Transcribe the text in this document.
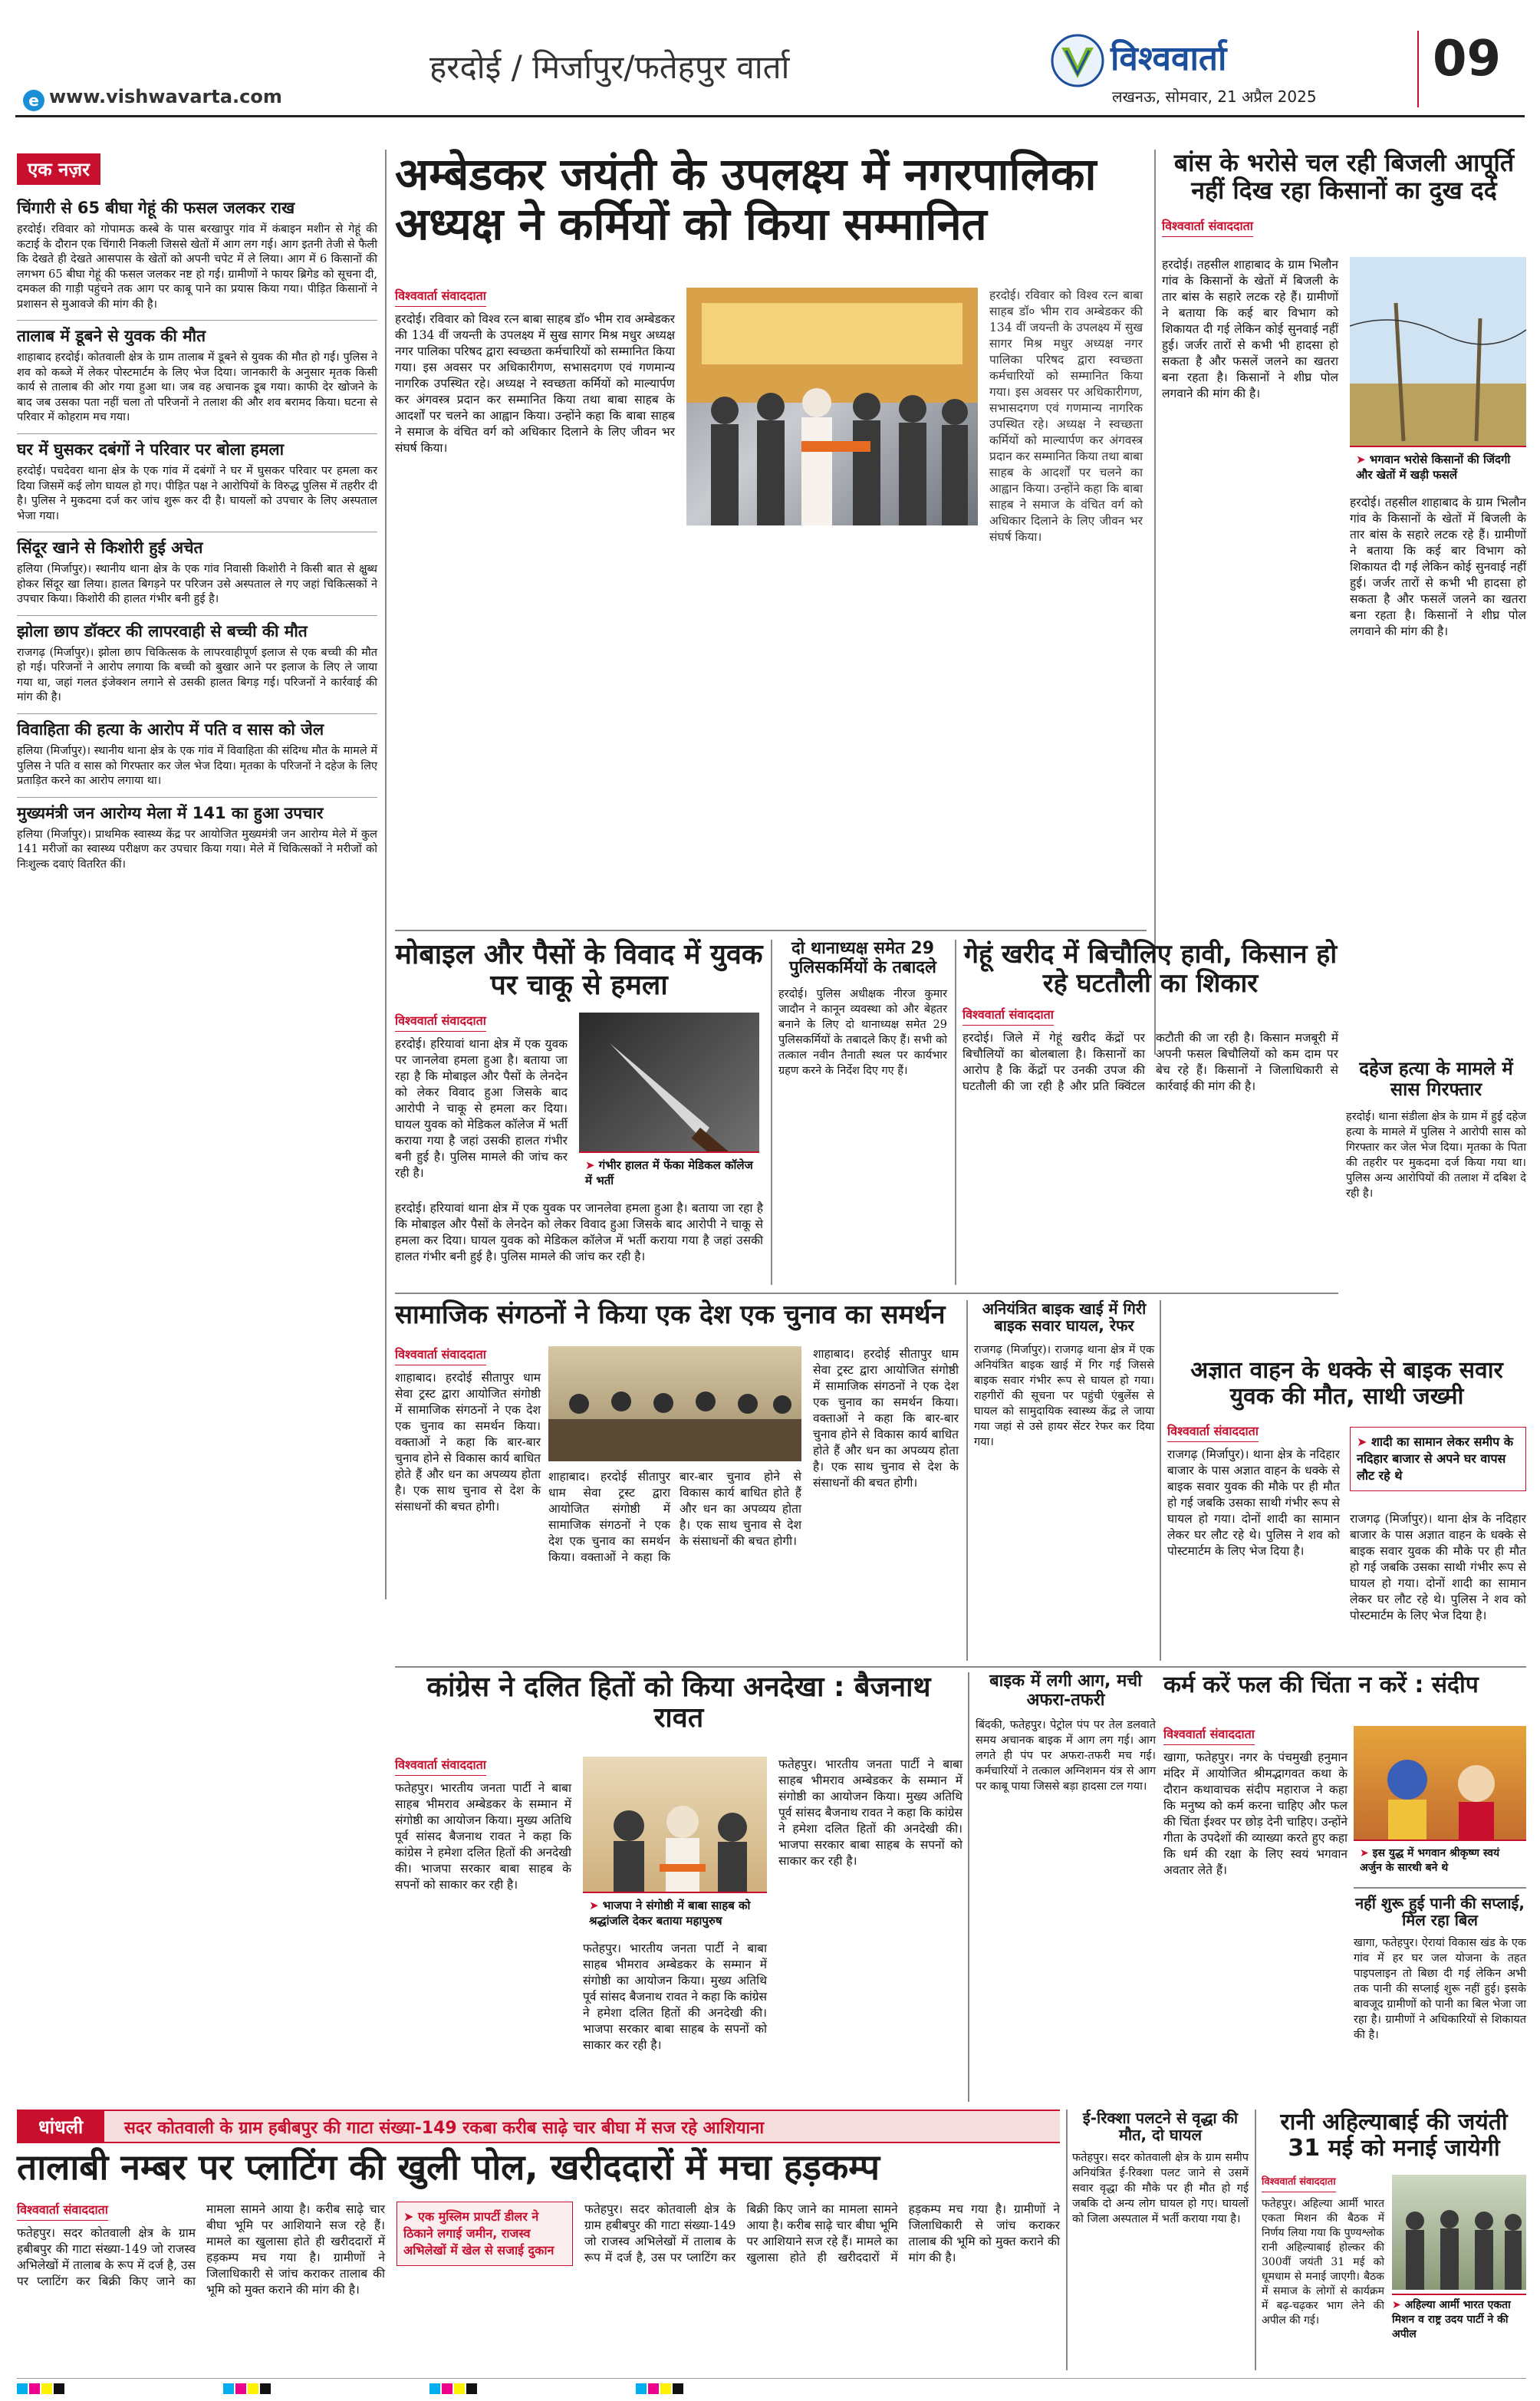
हरदोई / मिर्जापुर/फतेहपुर वार्ता
e www.vishwavarta.com
विश्ववार्ता
लखनऊ, सोमवार, 21 अप्रैल 2025
09
एक नज़र
चिंगारी से 65 बीघा गेहूं की फसल जलकर राख

हरदोई। रविवार को गोपामऊ कस्बे के पास बरखापुर गांव में कंबाइन मशीन से गेहूं की कटाई के दौरान एक चिंगारी निकली जिससे खेतों में आग लग गई। आग इतनी तेजी से फैली कि देखते ही देखते आसपास के खेतों को अपनी चपेट में ले लिया। आग में 6 किसानों की लगभग 65 बीघा गेहूं की फसल जलकर नष्ट हो गई। ग्रामीणों ने फायर ब्रिगेड को सूचना दी, दमकल की गाड़ी पहुंचने तक आग पर काबू पाने का प्रयास किया गया। पीड़ित किसानों ने प्रशासन से मुआवजे की मांग की है।

तालाब में डूबने से युवक की मौत

शाहाबाद हरदोई। कोतवाली क्षेत्र के ग्राम तालाब में डूबने से युवक की मौत हो गई। पुलिस ने शव को कब्जे में लेकर पोस्टमार्टम के लिए भेज दिया। जानकारी के अनुसार मृतक किसी कार्य से तालाब की ओर गया हुआ था। जब वह अचानक डूब गया। काफी देर खोजने के बाद जब उसका पता नहीं चला तो परिजनों ने तलाश की और शव बरामद किया। घटना से परिवार में कोहराम मच गया।

घर में घुसकर दबंगों ने परिवार पर बोला हमला

हरदोई। पचदेवरा थाना क्षेत्र के एक गांव में दबंगों ने घर में घुसकर परिवार पर हमला कर दिया जिसमें कई लोग घायल हो गए। पीड़ित पक्ष ने आरोपियों के विरुद्ध पुलिस में तहरीर दी है। पुलिस ने मुकदमा दर्ज कर जांच शुरू कर दी है। घायलों को उपचार के लिए अस्पताल भेजा गया।

सिंदूर खाने से किशोरी हुई अचेत

हलिया (मिर्जापुर)। स्थानीय थाना क्षेत्र के एक गांव निवासी किशोरी ने किसी बात से क्षुब्ध होकर सिंदूर खा लिया। हालत बिगड़ने पर परिजन उसे अस्पताल ले गए जहां चिकित्सकों ने उपचार किया। किशोरी की हालत गंभीर बनी हुई है।

झोला छाप डॉक्टर की लापरवाही से बच्ची की मौत

राजगढ़ (मिर्जापुर)। झोला छाप चिकित्सक के लापरवाहीपूर्ण इलाज से एक बच्ची की मौत हो गई। परिजनों ने आरोप लगाया कि बच्ची को बुखार आने पर इलाज के लिए ले जाया गया था, जहां गलत इंजेक्शन लगाने से उसकी हालत बिगड़ गई। परिजनों ने कार्रवाई की मांग की है।

विवाहिता की हत्या के आरोप में पति व सास को जेल

हलिया (मिर्जापुर)। स्थानीय थाना क्षेत्र के एक गांव में विवाहिता की संदिग्ध मौत के मामले में पुलिस ने पति व सास को गिरफ्तार कर जेल भेज दिया। मृतका के परिजनों ने दहेज के लिए प्रताड़ित करने का आरोप लगाया था।

मुख्यमंत्री जन आरोग्य मेला में 141 का हुआ उपचार

हलिया (मिर्जापुर)। प्राथमिक स्वास्थ्य केंद्र पर आयोजित मुख्यमंत्री जन आरोग्य मेले में कुल 141 मरीजों का स्वास्थ्य परीक्षण कर उपचार किया गया। मेले में चिकित्सकों ने मरीजों को निःशुल्क दवाएं वितरित कीं।

अम्बेडकर जयंती के उपलक्ष्य में नगरपालिका अध्यक्ष ने कर्मियों को किया सम्मानित
विश्ववार्ता संवाददाता
हरदोई। रविवार को विश्व रत्न बाबा साहब डॉ० भीम राव अम्बेडकर की 134 वीं जयन्ती के उपलक्ष्य में सुख सागर मिश्र मधुर अध्यक्ष नगर पालिका परिषद द्वारा स्वच्छता कर्मचारियों को सम्मानित किया गया। इस अवसर पर अधिकारीगण, सभासदगण एवं गणमान्य नागरिक उपस्थित रहे। अध्यक्ष ने स्वच्छता कर्मियों को माल्यार्पण कर अंगवस्त्र प्रदान कर सम्मानित किया तथा बाबा साहब के आदर्शों पर चलने का आह्वान किया। उन्होंने कहा कि बाबा साहब ने समाज के वंचित वर्ग को अधिकार दिलाने के लिए जीवन भर संघर्ष किया।
हरदोई। रविवार को विश्व रत्न बाबा साहब डॉ० भीम राव अम्बेडकर की 134 वीं जयन्ती के उपलक्ष्य में सुख सागर मिश्र मधुर अध्यक्ष नगर पालिका परिषद द्वारा स्वच्छता कर्मचारियों को सम्मानित किया गया। इस अवसर पर अधिकारीगण, सभासदगण एवं गणमान्य नागरिक उपस्थित रहे। अध्यक्ष ने स्वच्छता कर्मियों को माल्यार्पण कर अंगवस्त्र प्रदान कर सम्मानित किया तथा बाबा साहब के आदर्शों पर चलने का आह्वान किया। उन्होंने कहा कि बाबा साहब ने समाज के वंचित वर्ग को अधिकार दिलाने के लिए जीवन भर संघर्ष किया।
बांस के भरोसे चल रही बिजली आपूर्ति नहीं दिख रहा किसानों का दुख दर्द
विश्ववार्ता संवाददाता
हरदोई। तहसील शाहाबाद के ग्राम भिलौन गांव के किसानों के खेतों में बिजली के तार बांस के सहारे लटक रहे हैं। ग्रामीणों ने बताया कि कई बार विभाग को शिकायत दी गई लेकिन कोई सुनवाई नहीं हुई। जर्जर तारों से कभी भी हादसा हो सकता है और फसलें जलने का खतरा बना रहता है। किसानों ने शीघ्र पोल लगवाने की मांग की है।
➤ भगवान भरोसे किसानों की जिंदगी और खेतों में खड़ी फसलें
हरदोई। तहसील शाहाबाद के ग्राम भिलौन गांव के किसानों के खेतों में बिजली के तार बांस के सहारे लटक रहे हैं। ग्रामीणों ने बताया कि कई बार विभाग को शिकायत दी गई लेकिन कोई सुनवाई नहीं हुई। जर्जर तारों से कभी भी हादसा हो सकता है और फसलें जलने का खतरा बना रहता है। किसानों ने शीघ्र पोल लगवाने की मांग की है।
मोबाइल और पैसों के विवाद में युवक पर चाकू से हमला
विश्ववार्ता संवाददाता
हरदोई। हरियावां थाना क्षेत्र में एक युवक पर जानलेवा हमला हुआ है। बताया जा रहा है कि मोबाइल और पैसों के लेनदेन को लेकर विवाद हुआ जिसके बाद आरोपी ने चाकू से हमला कर दिया। घायल युवक को मेडिकल कॉलेज में भर्ती कराया गया है जहां उसकी हालत गंभीर बनी हुई है। पुलिस मामले की जांच कर रही है।
➤ गंभीर हालत में फेंका मेडिकल कॉलेज में भर्ती
हरदोई। हरियावां थाना क्षेत्र में एक युवक पर जानलेवा हमला हुआ है। बताया जा रहा है कि मोबाइल और पैसों के लेनदेन को लेकर विवाद हुआ जिसके बाद आरोपी ने चाकू से हमला कर दिया। घायल युवक को मेडिकल कॉलेज में भर्ती कराया गया है जहां उसकी हालत गंभीर बनी हुई है। पुलिस मामले की जांच कर रही है।
दो थानाध्यक्ष समेत 29 पुलिसकर्मियों के तबादले
हरदोई। पुलिस अधीक्षक नीरज कुमार जादौन ने कानून व्यवस्था को और बेहतर बनाने के लिए दो थानाध्यक्ष समेत 29 पुलिसकर्मियों के तबादले किए हैं। सभी को तत्काल नवीन तैनाती स्थल पर कार्यभार ग्रहण करने के निर्देश दिए गए हैं।
गेहूं खरीद में बिचौलिए हावी, किसान हो रहे घटतौली का शिकार
विश्ववार्ता संवाददाता
हरदोई। जिले में गेहूं खरीद केंद्रों पर बिचौलियों का बोलबाला है। किसानों का आरोप है कि केंद्रों पर उनकी उपज की घटतौली की जा रही है और प्रति क्विंटल कटौती की जा रही है। किसान मजबूरी में अपनी फसल बिचौलियों को कम दाम पर बेच रहे हैं। किसानों ने जिलाधिकारी से कार्रवाई की मांग की है।
दहेज हत्या के मामले में सास गिरफ्तार
हरदोई। थाना संडीला क्षेत्र के ग्राम में हुई दहेज हत्या के मामले में पुलिस ने आरोपी सास को गिरफ्तार कर जेल भेज दिया। मृतका के पिता की तहरीर पर मुकदमा दर्ज किया गया था। पुलिस अन्य आरोपियों की तलाश में दबिश दे रही है।
सामाजिक संगठनों ने किया एक देश एक चुनाव का समर्थन
विश्ववार्ता संवाददाता
शाहाबाद। हरदोई सीतापुर धाम सेवा ट्रस्ट द्वारा आयोजित संगोष्ठी में सामाजिक संगठनों ने एक देश एक चुनाव का समर्थन किया। वक्ताओं ने कहा कि बार-बार चुनाव होने से विकास कार्य बाधित होते हैं और धन का अपव्यय होता है। एक साथ चुनाव से देश के संसाधनों की बचत होगी।
शाहाबाद। हरदोई सीतापुर धाम सेवा ट्रस्ट द्वारा आयोजित संगोष्ठी में सामाजिक संगठनों ने एक देश एक चुनाव का समर्थन किया। वक्ताओं ने कहा कि बार-बार चुनाव होने से विकास कार्य बाधित होते हैं और धन का अपव्यय होता है। एक साथ चुनाव से देश के संसाधनों की बचत होगी।
शाहाबाद। हरदोई सीतापुर धाम सेवा ट्रस्ट द्वारा आयोजित संगोष्ठी में सामाजिक संगठनों ने एक देश एक चुनाव का समर्थन किया। वक्ताओं ने कहा कि बार-बार चुनाव होने से विकास कार्य बाधित होते हैं और धन का अपव्यय होता है। एक साथ चुनाव से देश के संसाधनों की बचत होगी।
अनियंत्रित बाइक खाई में गिरी बाइक सवार घायल, रेफर
राजगढ़ (मिर्जापुर)। राजगढ़ थाना क्षेत्र में एक अनियंत्रित बाइक खाई में गिर गई जिससे बाइक सवार गंभीर रूप से घायल हो गया। राहगीरों की सूचना पर पहुंची एंबुलेंस से घायल को सामुदायिक स्वास्थ्य केंद्र ले जाया गया जहां से उसे हायर सेंटर रेफर कर दिया गया।
अज्ञात वाहन के धक्के से बाइक सवार युवक की मौत, साथी जख्मी
विश्ववार्ता संवाददाता
राजगढ़ (मिर्जापुर)। थाना क्षेत्र के नदिहार बाजार के पास अज्ञात वाहन के धक्के से बाइक सवार युवक की मौके पर ही मौत हो गई जबकि उसका साथी गंभीर रूप से घायल हो गया। दोनों शादी का सामान लेकर घर लौट रहे थे। पुलिस ने शव को पोस्टमार्टम के लिए भेज दिया है।
➤ शादी का सामान लेकर समीप के नदिहार बाजार से अपने घर वापस लौट रहे थे
राजगढ़ (मिर्जापुर)। थाना क्षेत्र के नदिहार बाजार के पास अज्ञात वाहन के धक्के से बाइक सवार युवक की मौके पर ही मौत हो गई जबकि उसका साथी गंभीर रूप से घायल हो गया। दोनों शादी का सामान लेकर घर लौट रहे थे। पुलिस ने शव को पोस्टमार्टम के लिए भेज दिया है।
कांग्रेस ने दलित हितों को किया अनदेखा : बैजनाथ रावत
विश्ववार्ता संवाददाता
फतेहपुर। भारतीय जनता पार्टी ने बाबा साहब भीमराव अम्बेडकर के सम्मान में संगोष्ठी का आयोजन किया। मुख्य अतिथि पूर्व सांसद बैजनाथ रावत ने कहा कि कांग्रेस ने हमेशा दलित हितों की अनदेखी की। भाजपा सरकार बाबा साहब के सपनों को साकार कर रही है।
➤ भाजपा ने संगोष्ठी में बाबा साहब को श्रद्धांजलि देकर बताया महापुरुष
फतेहपुर। भारतीय जनता पार्टी ने बाबा साहब भीमराव अम्बेडकर के सम्मान में संगोष्ठी का आयोजन किया। मुख्य अतिथि पूर्व सांसद बैजनाथ रावत ने कहा कि कांग्रेस ने हमेशा दलित हितों की अनदेखी की। भाजपा सरकार बाबा साहब के सपनों को साकार कर रही है।
फतेहपुर। भारतीय जनता पार्टी ने बाबा साहब भीमराव अम्बेडकर के सम्मान में संगोष्ठी का आयोजन किया। मुख्य अतिथि पूर्व सांसद बैजनाथ रावत ने कहा कि कांग्रेस ने हमेशा दलित हितों की अनदेखी की। भाजपा सरकार बाबा साहब के सपनों को साकार कर रही है।
बाइक में लगी आग, मची अफरा-तफरी
बिंदकी, फतेहपुर। पेट्रोल पंप पर तेल डलवाते समय अचानक बाइक में आग लग गई। आग लगते ही पंप पर अफरा-तफरी मच गई। कर्मचारियों ने तत्काल अग्निशमन यंत्र से आग पर काबू पाया जिससे बड़ा हादसा टल गया।
कर्म करें फल की चिंता न करें : संदीप
विश्ववार्ता संवाददाता
खागा, फतेहपुर। नगर के पंचमुखी हनुमान मंदिर में आयोजित श्रीमद्भागवत कथा के दौरान कथावाचक संदीप महाराज ने कहा कि मनुष्य को कर्म करना चाहिए और फल की चिंता ईश्वर पर छोड़ देनी चाहिए। उन्होंने गीता के उपदेशों की व्याख्या करते हुए कहा कि धर्म की रक्षा के लिए स्वयं भगवान अवतार लेते हैं।
➤ इस युद्ध में भगवान श्रीकृष्ण स्वयं अर्जुन के सारथी बने थे
नहीं शुरू हुई पानी की सप्लाई, मिल रहा बिल
खागा, फतेहपुर। ऐरायां विकास खंड के एक गांव में हर घर जल योजना के तहत पाइपलाइन तो बिछा दी गई लेकिन अभी तक पानी की सप्लाई शुरू नहीं हुई। इसके बावजूद ग्रामीणों को पानी का बिल भेजा जा रहा है। ग्रामीणों ने अधिकारियों से शिकायत की है।
धांधली	सदर कोतवाली के ग्राम हबीबपुर की गाटा संख्या-149 रकबा करीब साढ़े चार बीघा में सज रहे आशियाना
तालाबी नम्बर पर प्लाटिंग की खुली पोल, खरीददारों में मचा हड़कम्प
विश्ववार्ता संवाददाता
फतेहपुर। सदर कोतवाली क्षेत्र के ग्राम हबीबपुर की गाटा संख्या-149 जो राजस्व अभिलेखों में तालाब के रूप में दर्ज है, उस पर प्लाटिंग कर बिक्री किए जाने का मामला सामने आया है। करीब साढ़े चार बीघा भूमि पर आशियाने सज रहे हैं। मामले का खुलासा होते ही खरीददारों में हड़कम्प मच गया है। ग्रामीणों ने जिलाधिकारी से जांच कराकर तालाब की भूमि को मुक्त कराने की मांग की है।
➤ एक मुस्लिम प्रापर्टी डीलर ने ठिकाने लगाई जमीन, राजस्व अभिलेखों में खेल से सजाई दुकान
फतेहपुर। सदर कोतवाली क्षेत्र के ग्राम हबीबपुर की गाटा संख्या-149 जो राजस्व अभिलेखों में तालाब के रूप में दर्ज है, उस पर प्लाटिंग कर बिक्री किए जाने का मामला सामने आया है। करीब साढ़े चार बीघा भूमि पर आशियाने सज रहे हैं। मामले का खुलासा होते ही खरीददारों में हड़कम्प मच गया है। ग्रामीणों ने जिलाधिकारी से जांच कराकर तालाब की भूमि को मुक्त कराने की मांग की है।
ई-रिक्शा पलटने से वृद्धा की मौत, दो घायल
फतेहपुर। सदर कोतवाली क्षेत्र के ग्राम समीप अनियंत्रित ई-रिक्शा पलट जाने से उसमें सवार वृद्धा की मौके पर ही मौत हो गई जबकि दो अन्य लोग घायल हो गए। घायलों को जिला अस्पताल में भर्ती कराया गया है।
रानी अहिल्याबाई की जयंती 31 मई को मनाई जायेगी
विश्ववार्ता संवाददाता
फतेहपुर। अहिल्या आर्मी भारत एकता मिशन की बैठक में निर्णय लिया गया कि पुण्यश्लोक रानी अहिल्याबाई होल्कर की 300वीं जयंती 31 मई को धूमधाम से मनाई जाएगी। बैठक में समाज के लोगों से कार्यक्रम में बढ़-चढ़कर भाग लेने की अपील की गई।
➤ अहिल्या आर्मी भारत एकता मिशन व राष्ट्र उदय पार्टी ने की अपील
